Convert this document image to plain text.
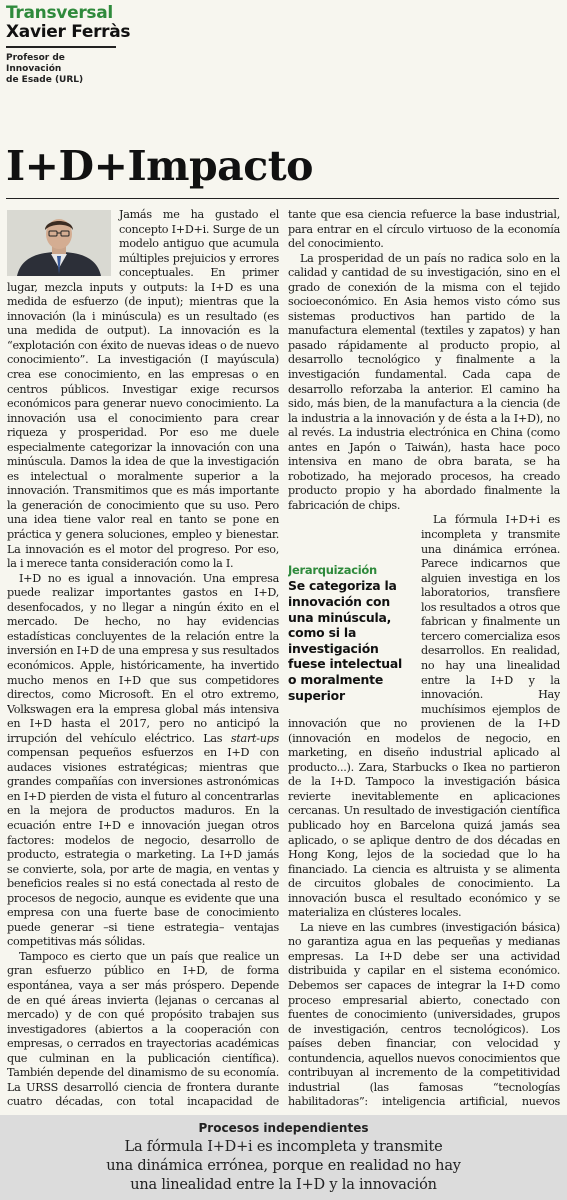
Transversal
Xavier Ferràs
Profesor de
Innovación
de Esade (URL)
I+D+Impacto

Jamás me ha gustado el concepto I+D+i. Surge de un modelo antiguo que acumula múltiples prejuicios y errores conceptuales. En primer lugar, mezcla inputs y outputs: la I+D es una medida de esfuerzo (de input); mientras que la innovación (la i minúscula) es un resultado (es una medida de output). La innovación es la “explotación con éxito de nuevas ideas o de nuevo conocimiento”. La investigación (I mayúscula) crea ese conocimiento, en las empresas o en centros públicos. Investigar exige recursos económicos para generar nuevo conocimiento. La innovación usa el conocimiento para crear riqueza y prosperidad. Por eso me duele especialmente categorizar la innovación con una minúscula. Damos la idea de que la investigación es intelectual o moralmente superior a la innovación. Transmitimos que es más importante la generación de conocimiento que su uso. Pero una idea tiene valor real en tanto se pone en práctica y genera soluciones, empleo y bienestar. La innovación es el motor del progreso. Por eso, la i merece tanta consideración como la I.

I+D no es igual a innovación. Una empresa puede realizar importantes gastos en I+D, desenfocados, y no llegar a ningún éxito en el mercado. De hecho, no hay evidencias estadísticas concluyentes de la relación entre la inversión en I+D de una empresa y sus resultados económicos. Apple, históricamente, ha invertido mucho menos en I+D que sus competidores directos, como Microsoft. En el otro extremo, Volkswagen era la empresa global más intensiva en I+D hasta el 2017, pero no anticipó la irrupción del vehículo eléctrico. Las start-ups compensan pequeños esfuerzos en I+D con audaces visiones estratégicas; mientras que grandes compañías con inversiones astronómicas en I+D pierden de vista el futuro al concentrarlas en la mejora de productos maduros. En la ecuación entre I+D e innovación juegan otros factores: modelos de negocio, desarrollo de producto, estrategia o marketing. La I+D jamás se convierte, sola, por arte de magia, en ventas y beneficios reales si no está conectada al resto de procesos de negocio, aunque es evidente que una empresa con una fuerte base de conocimiento puede generar –si tiene estrategia– ventajas competitivas más sólidas.

Tampoco es cierto que un país que realice un gran esfuerzo público en I+D, de forma espontánea, vaya a ser más próspero. Depende de en qué áreas invierta (lejanas o cercanas al mercado) y de con qué propósito trabajen sus investigadores (abiertos a la cooperación con empresas, o cerrados en trayectorias académicas que culminan en la publicación científica). También depende del dinamismo de su economía. La URSS desarrolló ciencia de frontera durante cuatro décadas, con total incapacidad de

tante que esa ciencia refuerce la base industrial, para entrar en el círculo virtuoso de la economía del conocimiento.

La prosperidad de un país no radica solo en la calidad y cantidad de su investigación, sino en el grado de conexión de la misma con el tejido socioeconómico. En Asia hemos visto cómo sus sistemas productivos han partido de la manufactura elemental (textiles y zapatos) y han pasado rápidamente al producto propio, al desarrollo tecnológico y finalmente a la investigación fundamental. Cada capa de desarrollo reforzaba la anterior. El camino ha sido, más bien, de la manufactura a la ciencia (de la industria a la innovación y de ésta a la I+D), no al revés. La industria electrónica en China (como antes en Japón o Taiwán), hasta hace poco intensiva en mano de obra barata, se ha robotizado, ha mejorado procesos, ha creado producto propio y ha abordado finalmente la fabricación de chips.

Jerarquización
Se categoriza la innovación con una minúscula, como si la investigación fuese intelectual o moralmente superior

La fórmula I+D+i es incompleta y transmite una dinámica errónea. Parece indicarnos que alguien investiga en los laboratorios, transfiere los resultados a otros que fabrican y finalmente un tercero comercializa esos desarrollos. En realidad, no hay una linealidad entre la I+D y la innovación. Hay muchísimos ejemplos de innovación que no provienen de la I+D (innovación en modelos de negocio, en marketing, en diseño industrial aplicado al producto...). Zara, Starbucks o Ikea no partieron de la I+D. Tampoco la investigación básica revierte inevitablemente en aplicaciones cercanas. Un resultado de investigación científica publicado hoy en Barcelona quizá jamás sea aplicado, o se aplique dentro de dos décadas en Hong Kong, lejos de la sociedad que lo ha financiado. La ciencia es altruista y se alimenta de circuitos globales de conocimiento. La innovación busca el resultado económico y se materializa en clústeres locales.

La nieve en las cumbres (investigación básica) no garantiza agua en las pequeñas y medianas empresas. La I+D debe ser una actividad distribuida y capilar en el sistema económico. Debemos ser capaces de integrar la I+D como proceso empresarial abierto, conectado con fuentes de conocimiento (universidades, grupos de investigación, centros tecnológicos). Los países deben financiar, con velocidad y contundencia, aquellos nuevos conocimientos que contribuyan al incremento de la competitividad industrial (las famosas “tecnologías habilitadoras”: inteligencia artificial, nuevos

Procesos independientes
La fórmula I+D+i es incompleta y transmite
una dinámica errónea, porque en realidad no hay
una linealidad entre la I+D y la innovación
